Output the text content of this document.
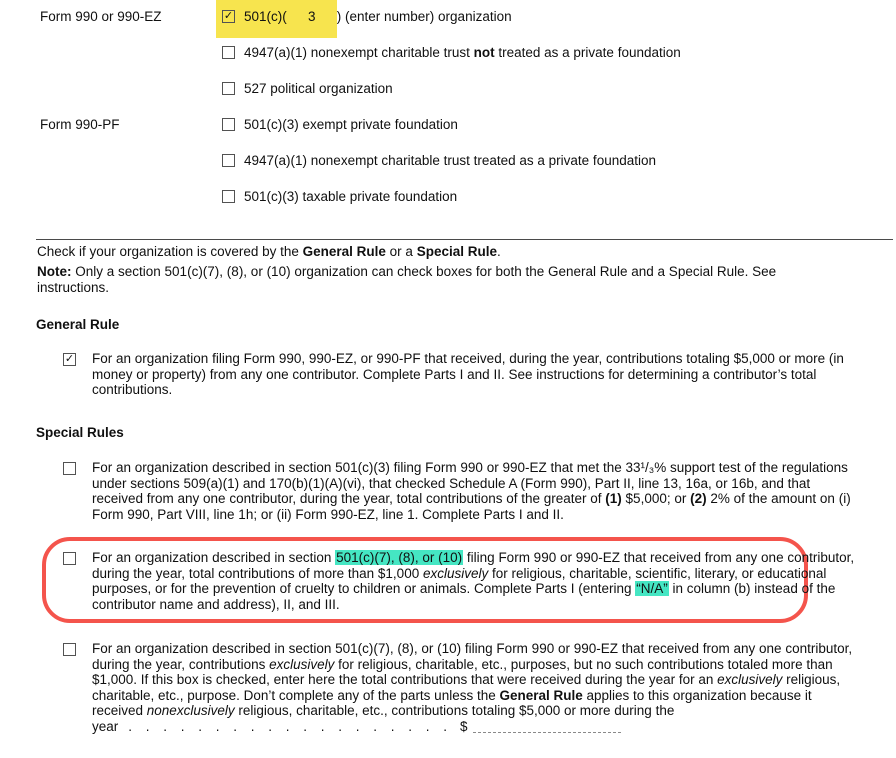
Form 990 or 990-EZ	✓ 501(c)( 3 ) (enter number) organization
4947(a)(1) nonexempt charitable trust not treated as a private foundation
527 political organization
Form 990-PF	501(c)(3) exempt private foundation
4947(a)(1) nonexempt charitable trust treated as a private foundation
501(c)(3) taxable private foundation
Check if your organization is covered by the General Rule or a Special Rule.
Note: Only a section 501(c)(7), (8), or (10) organization can check boxes for both the General Rule and a Special Rule. See instructions.
General Rule
✓ For an organization filing Form 990, 990-EZ, or 990-PF that received, during the year, contributions totaling $5,000 or more (in money or property) from any one contributor. Complete Parts I and II. See instructions for determining a contributor’s total contributions.
Special Rules
For an organization described in section 501(c)(3) filing Form 990 or 990-EZ that met the 33¹/₃% support test of the regulations under sections 509(a)(1) and 170(b)(1)(A)(vi), that checked Schedule A (Form 990), Part II, line 13, 16a, or 16b, and that received from any one contributor, during the year, total contributions of the greater of (1) $5,000; or (2) 2% of the amount on (i) Form 990, Part VIII, line 1h; or (ii) Form 990-EZ, line 1. Complete Parts I and II.
For an organization described in section 501(c)(7), (8), or (10) filing Form 990 or 990-EZ that received from any one contributor, during the year, total contributions of more than $1,000 exclusively for religious, charitable, scientific, literary, or educational purposes, or for the prevention of cruelty to children or animals. Complete Parts I (entering “N/A” in column (b) instead of the contributor name and address), II, and III.
For an organization described in section 501(c)(7), (8), or (10) filing Form 990 or 990-EZ that received from any one contributor, during the year, contributions exclusively for religious, charitable, etc., purposes, but no such contributions totaled more than $1,000. If this box is checked, enter here the total contributions that were received during the year for an exclusively religious, charitable, etc., purpose. Don’t complete any of the parts unless the General Rule applies to this organization because it received nonexclusively religious, charitable, etc., contributions totaling $5,000 or more during the year . . . . . . . . . . . . . . . . . . . $
